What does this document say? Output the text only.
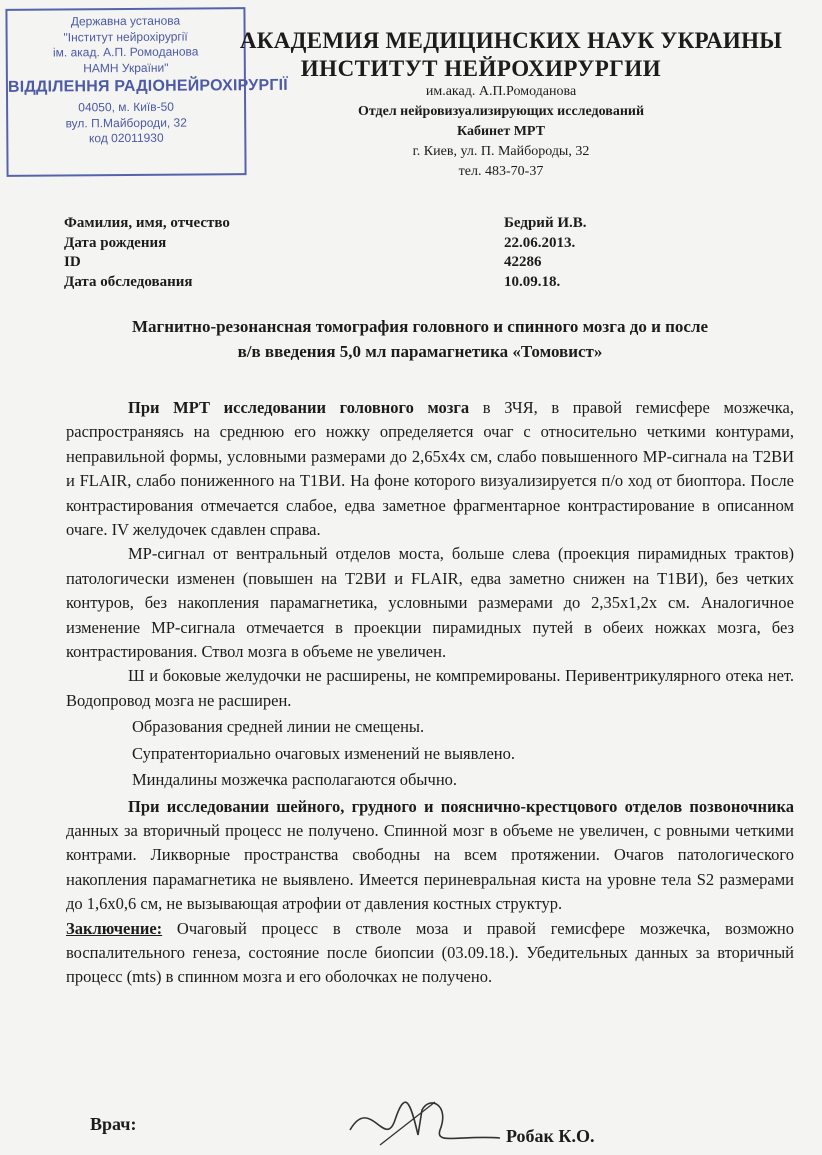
Державна установа
"Інститут нейрохірургії
ім. акад. А.П. Ромоданова
НАМН України"
ВІДДІЛЕННЯ РАДІОНЕЙРОХІРУРГІЇ
04050, м. Київ-50
вул. П.Майбороди, 32
код 02011930
АКАДЕМИЯ МЕДИЦИНСКИХ НАУК УКРАИНЫ
ИНСТИТУТ НЕЙРОХИРУРГИИ
им.акад. А.П.Ромоданова
Отдел нейровизуализирующих исследований
Кабинет МРТ
г. Киев, ул. П. Майбороды, 32
тел. 483-70-37
Фамилия, имя, отчество	Бедрий И.В.
Дата рождения	22.06.2013.
ID	42286
Дата обследования	10.09.18.
Магнитно-резонансная томография головного и спинного мозга до и после
в/в введения 5,0 мл парамагнетика «Томовист»

При МРТ исследовании головного мозга в ЗЧЯ, в правой гемисфере мозжечка, распространяясь на среднюю его ножку определяется очаг с относительно четкими контурами, неправильной формы, условными размерами до 2,65х4х см, слабо повышенного МР-сигнала на Т2ВИ и FLAIR, слабо пониженного на Т1ВИ. На фоне которого визуализируется п/о ход от биоптора. После контрастирования отмечается слабое, едва заметное фрагментарное контрастирование в описанном очаге. IV желудочек сдавлен справа.

МР-сигнал от вентральный отделов моста, больше слева (проекция пирамидных трактов) патологически изменен (повышен на Т2ВИ и FLAIR, едва заметно снижен на Т1ВИ), без четких контуров, без накопления парамагнетика, условными размерами до 2,35х1,2х см. Аналогичное изменение МР-сигнала отмечается в проекции пирамидных путей в обеих ножках мозга, без контрастирования. Ствол мозга в объеме не увеличен.

Ш и боковые желудочки не расширены, не компремированы. Перивентрикулярного отека нет. Водопровод мозга не расширен.

Образования средней линии не смещены.

Супратенториально очаговых изменений не выявлено.

Миндалины мозжечка располагаются обычно.

При исследовании шейного, грудного и пояснично-крестцового отделов позвоночника данных за вторичный процесс не получено. Спинной мозг в объеме не увеличен, с ровными четкими контрами. Ликворные пространства свободны на всем протяжении. Очагов патологического накопления парамагнетика не выявлено. Имеется периневральная киста на уровне тела S2 размерами до 1,6х0,6 см, не вызывающая атрофии от давления костных структур.

Заключение: Очаговый процесс в стволе моза и правой гемисфере мозжечка, возможно воспалительного генеза, состояние после биопсии (03.09.18.). Убедительных данных за вторичный процесс (mts) в спинном мозга и его оболочках не получено.

Врач:
Робак К.О.
